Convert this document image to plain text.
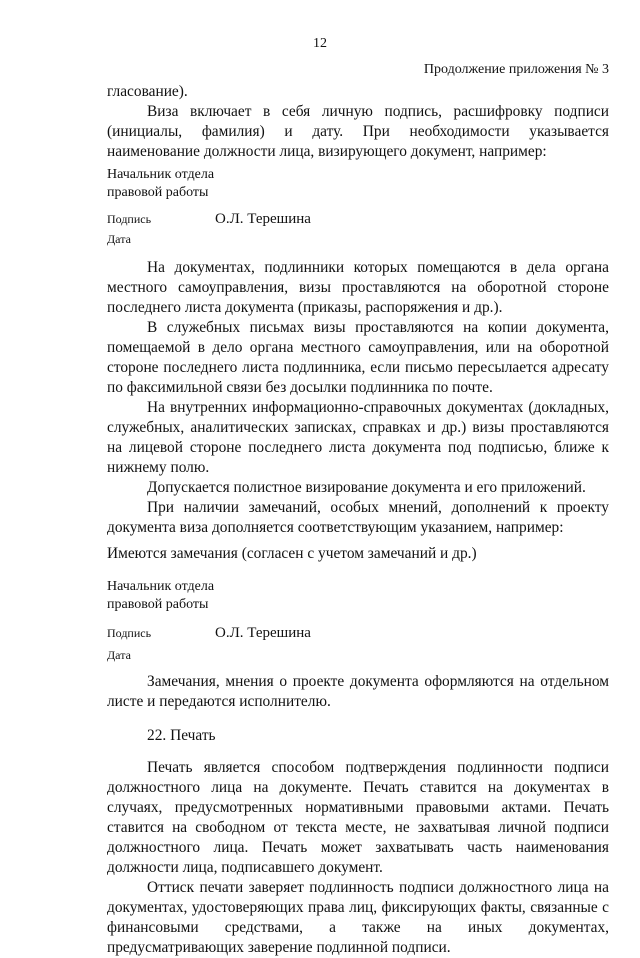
12
Продолжение приложения № 3

гласование).

Виза включает в себя личную подпись, расшифровку подписи (инициалы, фамилия) и дату. При необходимости указывается наименование должности лица, визирующего документ, например:

Начальник отдела
правовой работы
Подпись	О.Л. Терешина
Дата

На документах, подлинники которых помещаются в дела органа местного самоуправления, визы проставляются на оборотной стороне последнего листа документа (приказы, распоряжения и др.).

В служебных письмах визы проставляются на копии документа, помещаемой в дело органа местного самоуправления, или на оборотной стороне последнего листа подлинника, если письмо пересылается адресату по факсимильной связи без досылки подлинника по почте.

На внутренних информационно-справочных документах (докладных, служебных, аналитических записках, справках и др.) визы проставляются на лицевой стороне последнего листа документа под подписью, ближе к нижнему полю.

Допускается полистное визирование документа и его приложений.

При наличии замечаний, особых мнений, дополнений к проекту документа виза дополняется соответствующим указанием, например:

Имеются замечания (согласен с учетом замечаний и др.)

Начальник отдела
правовой работы
Подпись	О.Л. Терешина
Дата

Замечания, мнения о проекте документа оформляются на отдельном листе и передаются исполнителю.

22. Печать

Печать является способом подтверждения подлинности подписи должностного лица на документе. Печать ставится на документах в случаях, предусмотренных нормативными правовыми актами. Печать ставится на свободном от текста месте, не захватывая личной подписи должностного лица. Печать может захватывать часть наименования должности лица, подписавшего документ.

Оттиск печати заверяет подлинность подписи должностного лица на документах, удостоверяющих права лиц, фиксирующих факты, связанные с финансовыми средствами, а также на иных документах, предусматривающих заверение подлинной подписи.
